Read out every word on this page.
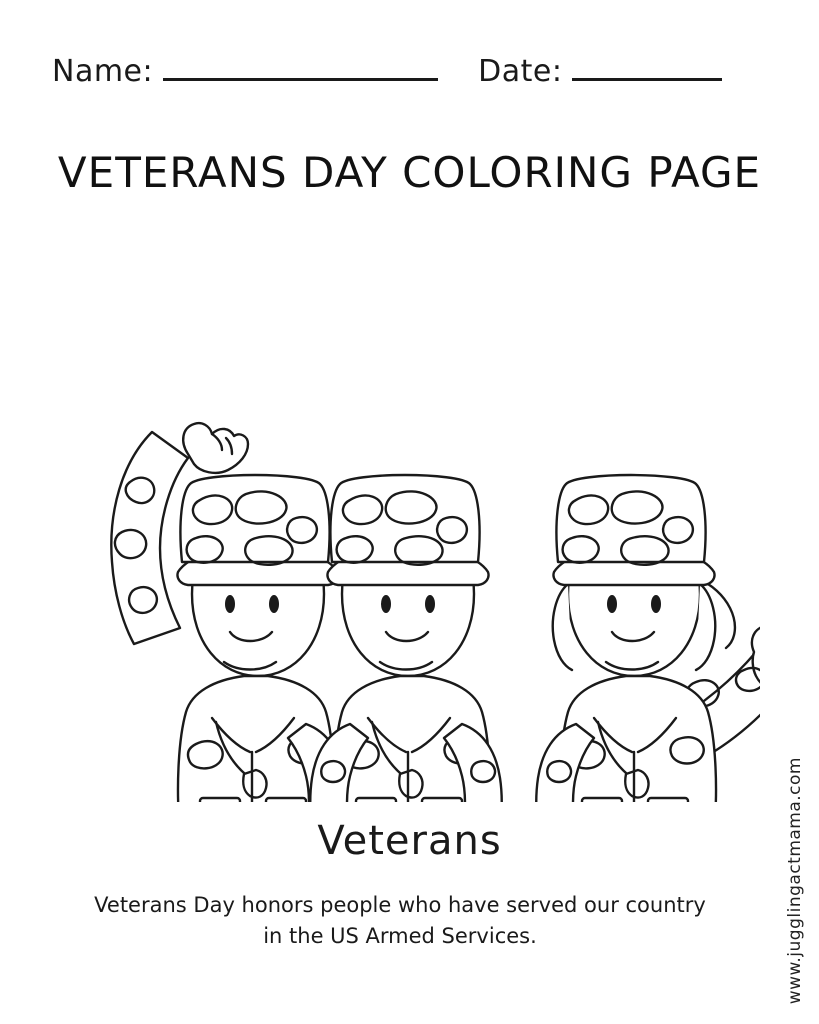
Name:	Date:
VETERANS DAY COLORING PAGE
Veterans
Veterans Day honors people who have served our country in the US Armed Services.	www.jugglingactmama.com
